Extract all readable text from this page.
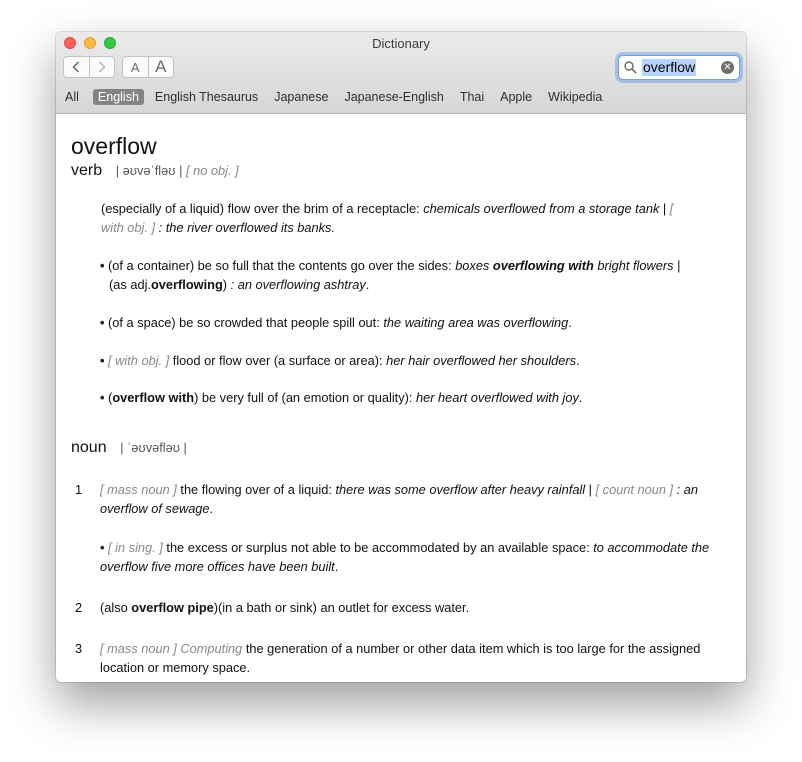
Dictionary
A A	overflow	✕
All	English	English Thesaurus Japanese Japanese-English Thai Apple Wikipedia
overflow
verb | əʊvəˈfləʊ | [ no obj. ]
(especially of a liquid) flow over the brim of a receptacle: chemicals overflowed from a storage tank | [
with obj. ] : the river overflowed its banks.
• (of a container) be so full that the contents go over the sides: boxes overflowing with bright flowers |
(as adj.overflowing) : an overflowing ashtray.
• (of a space) be so crowded that people spill out: the waiting area was overflowing.
• [ with obj. ] flood or flow over (a surface or area): her hair overflowed her shoulders.
• (overflow with) be very full of (an emotion or quality): her heart overflowed with joy.
noun | ˈəʊvəfləʊ |
1 [ mass noun ] the flowing over of a liquid: there was some overflow after heavy rainfall | [ count noun ] : an overflow of sewage.
• [ in sing. ] the excess or surplus not able to be accommodated by an available space: to accommodate the overflow five more offices have been built.
2 (also overflow pipe)(in a bath or sink) an outlet for excess water.
3 [ mass noun ] Computing the generation of a number or other data item which is too large for the assigned location or memory space.
